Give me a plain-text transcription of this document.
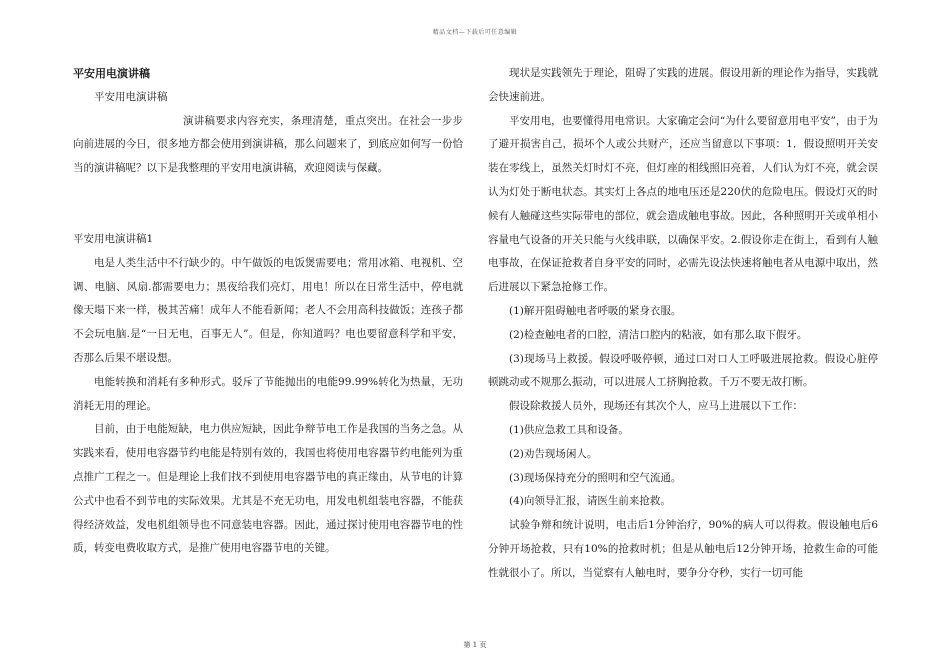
精品文档—下载后可任意编辑

平安用电演讲稿

平安用电演讲稿

演讲稿要求内容充实，条理清楚，重点突出。在社会一步步向前进展的今日，很多地方都会使用到演讲稿，那么问题来了，到底应如何写一份恰当的演讲稿呢？以下是我整理的平安用电演讲稿，欢迎阅读与保藏。

平安用电演讲稿1

电是人类生活中不行缺少的。中午做饭的电饭煲需要电；常用冰箱、电视机、空调、电脑、风扇.都需要电力；黑夜给我们亮灯，用电！所以在日常生活中，停电就像天塌下来一样，极其苦痛！成年人不能看新闻；老人不会用高科技做饭；连孩子都不会玩电脑.是“一日无电，百事无人”。但是，你知道吗？电也要留意科学和平安，否那么后果不堪设想。

电能转换和消耗有多种形式。驳斥了节能抛出的电能99.99%转化为热量，无功消耗无用的理论。

目前，由于电能短缺，电力供应短缺，因此争辩节电工作是我国的当务之急。从实践来看，使用电容器节约电能是特别有效的，我国也将使用电容器节约电能列为重点推广工程之一。但是理论上我们找不到使用电容器节电的真正缘由，从节电的计算公式中也看不到节电的实际效果。尤其是不充无功电，用发电机组装电容器，不能获得经济效益，发电机组领导也不同意装电容器。因此，通过探讨使用电容器节电的性质，转变电费收取方式，是推广使用电容器节电的关键。

现状是实践领先于理论，阻碍了实践的进展。假设用新的理论作为指导，实践就会快速前进。

平安用电，也要懂得用电常识。大家确定会问“为什么要留意用电平安”，由于为了避开损害自己，损坏个人或公共财产，还应当留意以下事项：1．假设照明开关安装在零线上，虽然关灯时灯不亮，但灯座的相线照旧亮着，人们认为灯不亮，就会误认为灯处于断电状态。其实灯上各点的地电压还是220伏的危险电压。假设灯灭的时候有人触碰这些实际带电的部位，就会造成触电事故。因此，各种照明开关或单相小容量电气设备的开关只能与火线串联，以确保平安。2.假设你走在街上，看到有人触电事故，在保证抢救者自身平安的同时，必需先设法快速将触电者从电源中取出，然后进展以下紧急抢修工作。

(1)解开阻碍触电者呼吸的紧身衣服。

(2)检查触电者的口腔，清洁口腔内的粘液，如有那么取下假牙。

(3)现场马上救援。假设呼吸停顿，通过口对口人工呼吸进展抢救。假设心脏停顿跳动或不规那么振动，可以进展人工挤胸抢救。千万不要无故打断。

假设除救援人员外，现场还有其次个人，应马上进展以下工作：

(1)供应急救工具和设备。

(2)劝告现场闲人。

(3)现场保持充分的照明和空气流通。

(4)向领导汇报，请医生前来抢救。

试验争辩和统计说明，电击后1分钟治疗，90%的病人可以得救。假设触电后6分钟开场抢救，只有10%的抢救时机；但是从触电后12分钟开场，抢救生命的可能性就很小了。所以，当觉察有人触电时，要争分夺秒，实行一切可能

第 1 页
